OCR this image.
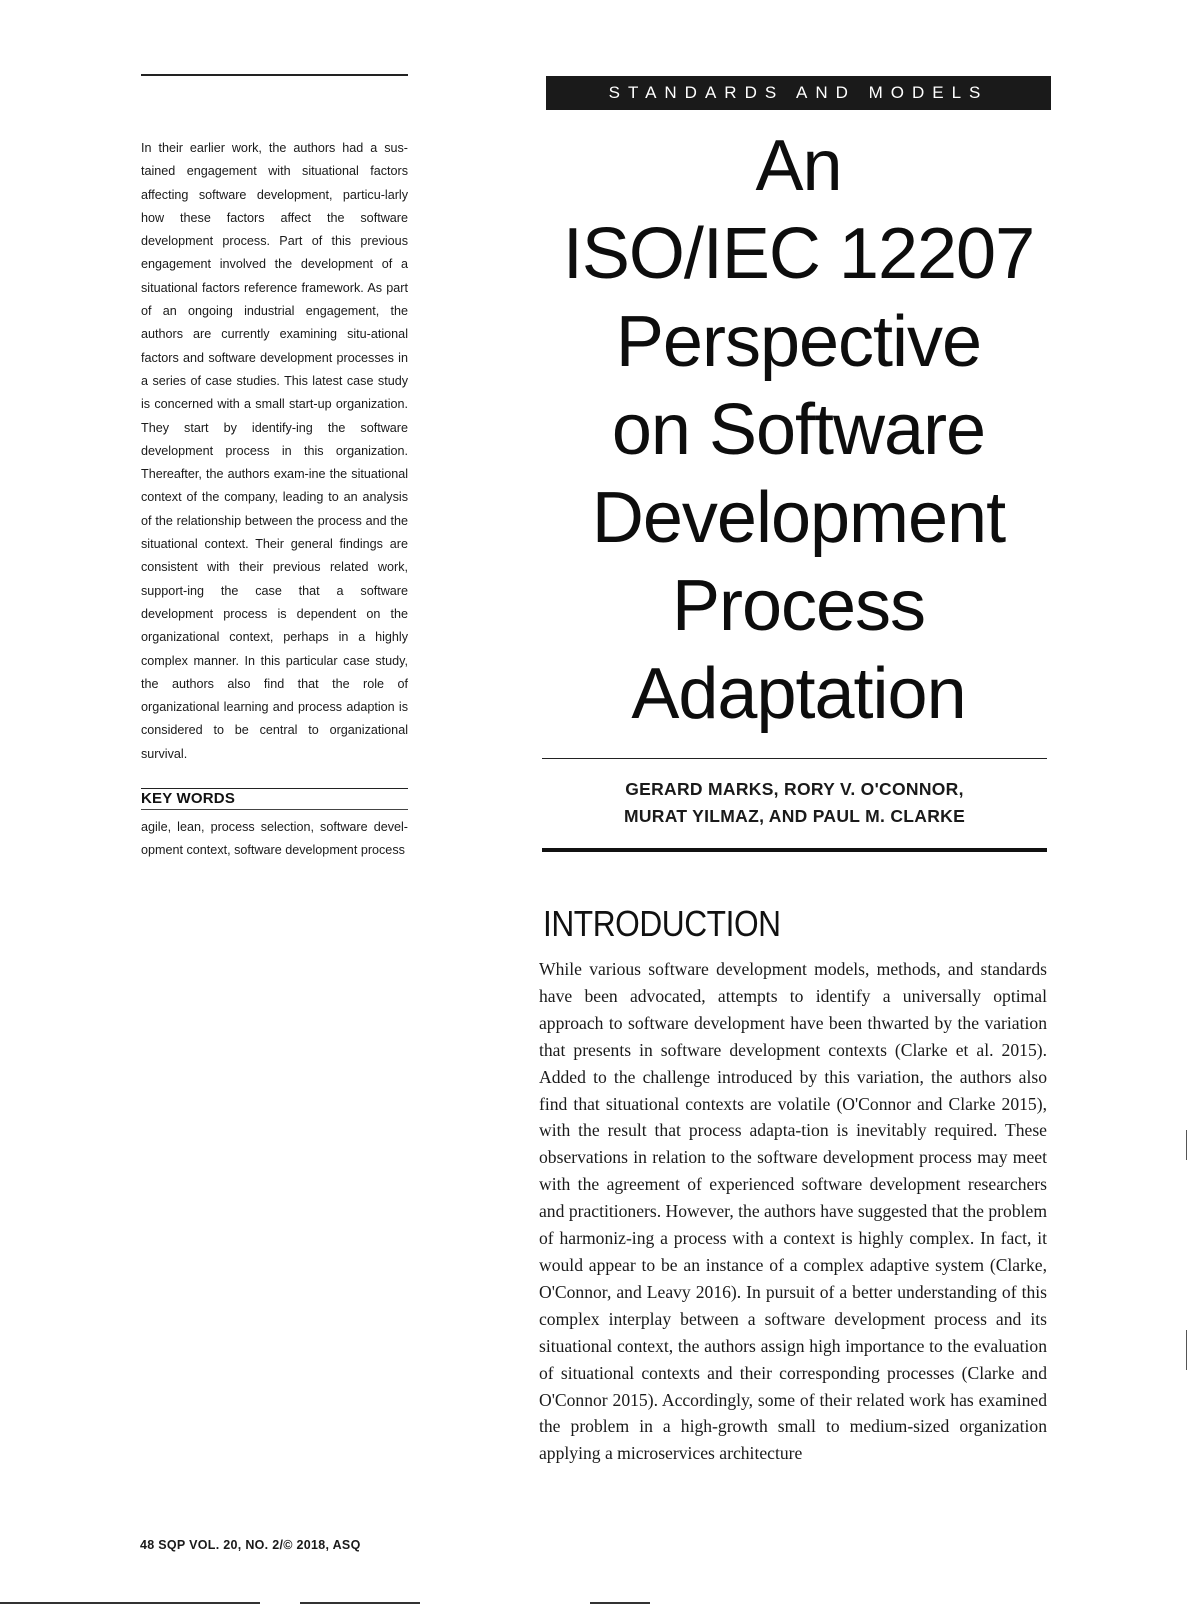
In their earlier work, the authors had a sus-tained engagement with situational factors affecting software development, particu-larly how these factors affect the software development process. Part of this previous engagement involved the development of a situational factors reference framework. As part of an ongoing industrial engagement, the authors are currently examining situ-ational factors and software development processes in a series of case studies. This latest case study is concerned with a small start-up organization. They start by identify-ing the software development process in this organization. Thereafter, the authors exam-ine the situational context of the company, leading to an analysis of the relationship between the process and the situational context. Their general findings are consistent with their previous related work, support-ing the case that a software development process is dependent on the organizational context, perhaps in a highly complex manner. In this particular case study, the authors also find that the role of organizational learning and process adaption is considered to be central to organizational survival.

KEY WORDS

agile, lean, process selection, software devel-opment context, software development process

STANDARDS AND MODELS
An
ISO/IEC 12207
Perspective
on Software
Development
Process
Adaptation
GERARD MARKS, RORY V. O'CONNOR,
MURAT YILMAZ, AND PAUL M. CLARKE
INTRODUCTION

While various software development models, methods, and standards have been advocated, attempts to identify a universally optimal approach to software development have been thwarted by the variation that presents in software development contexts (Clarke et al. 2015). Added to the challenge introduced by this variation, the authors also find that situational contexts are volatile (O'Connor and Clarke 2015), with the result that process adapta-tion is inevitably required. These observations in relation to the software development process may meet with the agreement of experienced software development researchers and practitioners. However, the authors have suggested that the problem of harmoniz-ing a process with a context is highly complex. In fact, it would appear to be an instance of a complex adaptive system (Clarke, O'Connor, and Leavy 2016). In pursuit of a better understanding of this complex interplay between a software development process and its situational context, the authors assign high importance to the evaluation of situational contexts and their corresponding processes (Clarke and O'Connor 2015). Accordingly, some of their related work has examined the problem in a high-growth small to medium-sized organization applying a microservices architecture

48 SQP VOL. 20, NO. 2/© 2018, ASQ
